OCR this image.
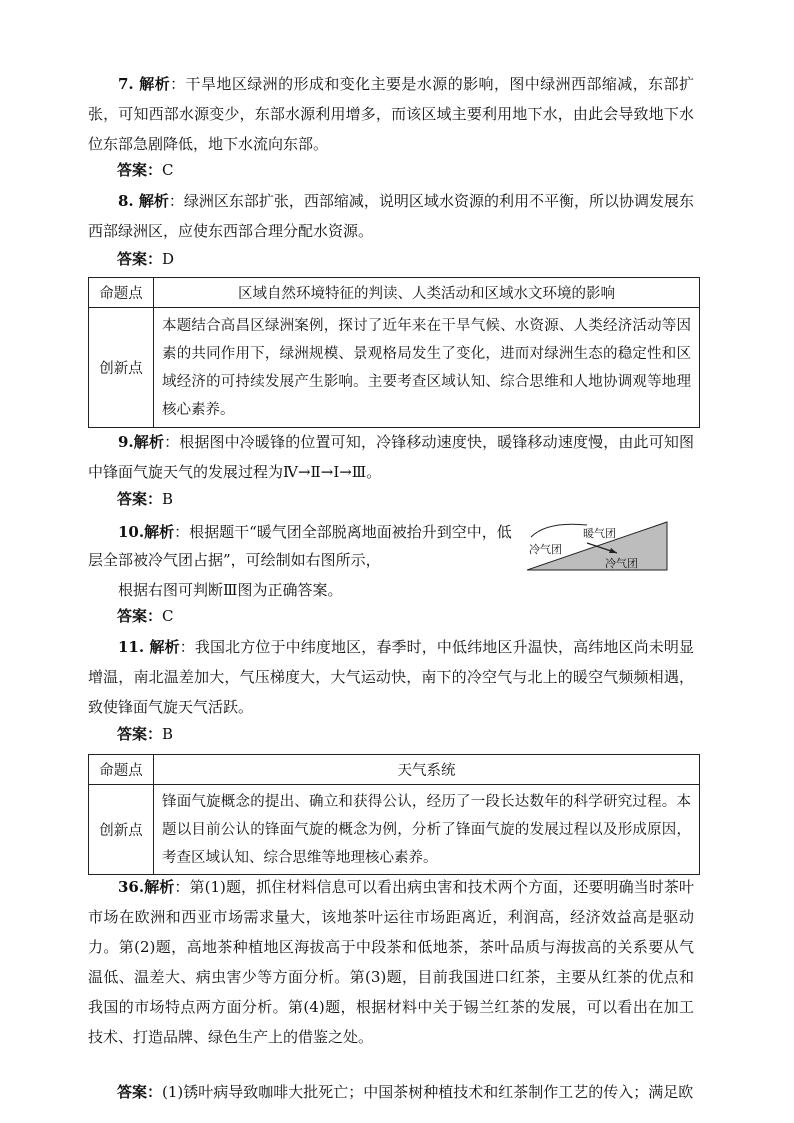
7. 解析：干旱地区绿洲的形成和变化主要是水源的影响，图中绿洲西部缩减，东部扩张，可知西部水源变少，东部水源利用增多，而该区域主要利用地下水，由此会导致地下水位东部急剧降低，地下水流向东部。

答案：C

8. 解析：绿洲区东部扩张，西部缩减，说明区域水资源的利用不平衡，所以协调发展东西部绿洲区，应使东西部合理分配水资源。

答案：D
命题点	区域自然环境特征的判读、人类活动和区域水文环境的影响
创新点	本题结合高昌区绿洲案例，探讨了近年来在干旱气候、水资源、人类经济活动等因素的共同作用下，绿洲规模、景观格局发生了变化，进而对绿洲生态的稳定性和区域经济的可持续发展产生影响。主要考查区域认知、综合思维和人地协调观等地理核心素养。

9.解析：根据图中冷暖锋的位置可知，冷锋移动速度快，暖锋移动速度慢，由此可知图中锋面气旋天气的发展过程为Ⅳ→Ⅱ→Ⅰ→Ⅲ。

答案：B
10.解析：根据题干“暖气团全部脱离地面被抬升到空中，低
层全部被冷气团占据”，可绘制如右图所示，
根据右图可判断Ⅲ图为正确答案。
暖气团
冷气团
冷气团
答案：C

11. 解析：我国北方位于中纬度地区，春季时，中低纬地区升温快，高纬地区尚未明显增温，南北温差加大，气压梯度大，大气运动快，南下的冷空气与北上的暖空气频频相遇，致使锋面气旋天气活跃。

答案：B
命题点	天气系统
创新点	锋面气旋概念的提出、确立和获得公认，经历了一段长达数年的科学研究过程。本题以目前公认的锋面气旋的概念为例，分析了锋面气旋的发展过程以及形成原因，考查区域认知、综合思维等地理核心素养。

36.解析：第(1)题，抓住材料信息可以看出病虫害和技术两个方面，还要明确当时茶叶市场在欧洲和西亚市场需求量大，该地茶叶运往市场距离近，利润高，经济效益高是驱动力。第(2)题，高地茶种植地区海拔高于中段茶和低地茶，茶叶品质与海拔高的关系要从气温低、温差大、病虫害少等方面分析。第(3)题，目前我国进口红茶，主要从红茶的优点和我国的市场特点两方面分析。第(4)题，根据材料中关于锡兰红茶的发展，可以看出在加工技术、打造品牌、绿色生产上的借鉴之处。

答案：(1)锈叶病导致咖啡大批死亡；中国茶树种植技术和红茶制作工艺的传入；满足欧
